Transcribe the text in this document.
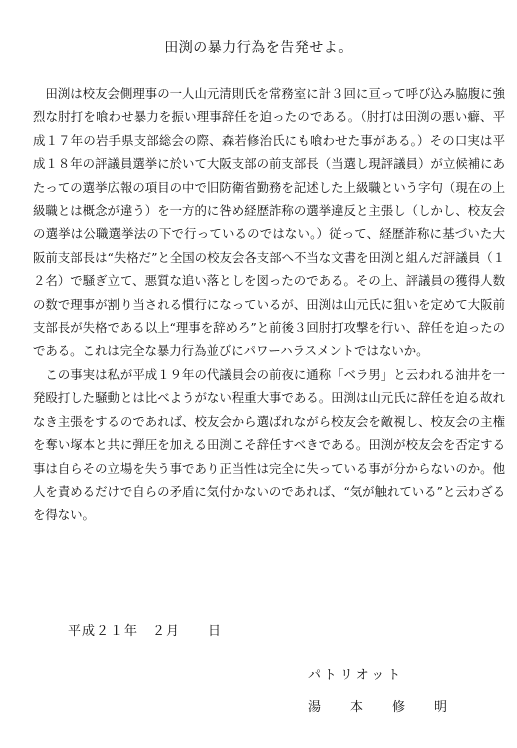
田渕の暴力行為を告発せよ。

田渕は校友会側理事の一人山元清則氏を常務室に計３回に亘って呼び込み脇腹に強烈な肘打を喰わせ暴力を振い理事辞任を迫ったのである。（肘打は田渕の悪い癖、平成１７年の岩手県支部総会の際、森若修治氏にも喰わせた事がある。）その口実は平成１８年の評議員選挙に於いて大阪支部の前支部長（当選し現評議員）が立候補にあたっての選挙広報の項目の中で旧防衛省勤務を記述した上級職という字句（現在の上級職とは概念が違う）を一方的に咎め経歴詐称の選挙違反と主張し（しかし、校友会の選挙は公職選挙法の下で行っているのではない。）従って、経歴詐称に基づいた大阪前支部長は“失格だ”と全国の校友会各支部へ不当な文書を田渕と組んだ評議員（１２名）で騒ぎ立て、悪質な追い落としを図ったのである。その上、評議員の獲得人数の数で理事が割り当される慣行になっているが、田渕は山元氏に狙いを定めて大阪前支部長が失格である以上“理事を辞めろ”と前後３回肘打攻撃を行い、辞任を迫ったのである。これは完全な暴力行為並びにパワーハラスメントではないか。

この事実は私が平成１９年の代議員会の前夜に通称「ベラ男」と云われる油井を一発殴打した騒動とは比べようがない程重大事である。田渕は山元氏に辞任を迫る故れなき主張をするのであれば、校友会から選ばれながら校友会を敵視し、校友会の主権を奪い塚本と共に弾圧を加える田渕こそ辞任すべきである。田渕が校友会を否定する事は自らその立場を失う事であり正当性は完全に失っている事が分からないのか。他人を責めるだけで自らの矛盾に気付かないのであれば、“気が触れている”と云わざるを得ない。

平成２１年　２月　　日
パトリオット
湯　本　修　明
